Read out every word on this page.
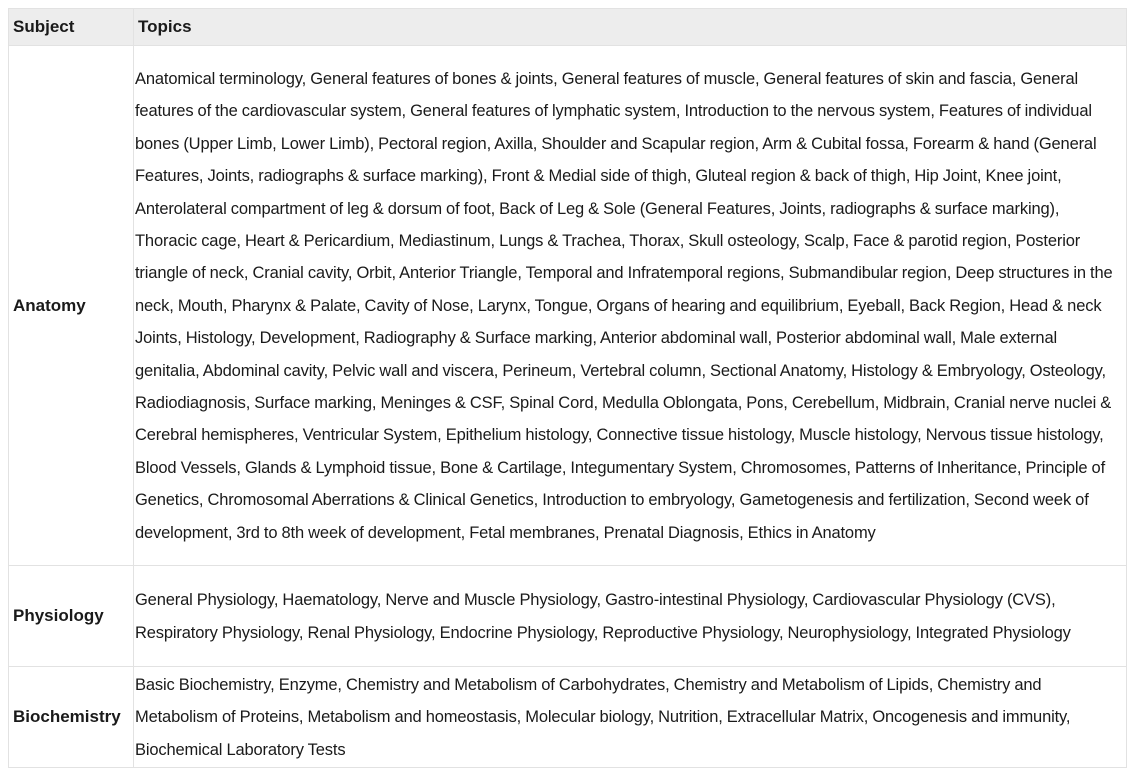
Subject	Topics
Anatomy	Anatomical terminology, General features of bones & joints, General features of muscle, General features of skin and fascia, General features of the cardiovascular system, General features of lymphatic system, Introduction to the nervous system, Features of individual bones (Upper Limb, Lower Limb), Pectoral region, Axilla, Shoulder and Scapular region, Arm & Cubital fossa, Forearm & hand (General Features, Joints, radiographs & surface marking), Front & Medial side of thigh, Gluteal region & back of thigh, Hip Joint, Knee joint, Anterolateral compartment of leg & dorsum of foot, Back of Leg & Sole (General Features, Joints, radiographs & surface marking), Thoracic cage, Heart & Pericardium, Mediastinum, Lungs & Trachea, Thorax, Skull osteology, Scalp, Face & parotid region, Posterior triangle of neck, Cranial cavity, Orbit, Anterior Triangle, Temporal and Infratemporal regions, Submandibular region, Deep structures in the neck, Mouth, Pharynx & Palate, Cavity of Nose, Larynx, Tongue, Organs of hearing and equilibrium, Eyeball, Back Region, Head & neck Joints, Histology, Development, Radiography & Surface marking, Anterior abdominal wall, Posterior abdominal wall, Male external genitalia, Abdominal cavity, Pelvic wall and viscera, Perineum, Vertebral column, Sectional Anatomy, Histology & Embryology, Osteology, Radiodiagnosis, Surface marking, Meninges & CSF, Spinal Cord, Medulla Oblongata, Pons, Cerebellum, Midbrain, Cranial nerve nuclei & Cerebral hemispheres, Ventricular System, Epithelium histology, Connective tissue histology, Muscle histology, Nervous tissue histology, Blood Vessels, Glands & Lymphoid tissue, Bone & Cartilage, Integumentary System, Chromosomes, Patterns of Inheritance, Principle of Genetics, Chromosomal Aberrations & Clinical Genetics, Introduction to embryology, Gametogenesis and fertilization, Second week of development, 3rd to 8th week of development, Fetal membranes, Prenatal Diagnosis, Ethics in Anatomy
Physiology	General Physiology, Haematology, Nerve and Muscle Physiology, Gastro-intestinal Physiology, Cardiovascular Physiology (CVS), Respiratory Physiology, Renal Physiology, Endocrine Physiology, Reproductive Physiology, Neurophysiology, Integrated Physiology
Biochemistry	Basic Biochemistry, Enzyme, Chemistry and Metabolism of Carbohydrates, Chemistry and Metabolism of Lipids, Chemistry and Metabolism of Proteins, Metabolism and homeostasis, Molecular biology, Nutrition, Extracellular Matrix, Oncogenesis and immunity, Biochemical Laboratory Tests
